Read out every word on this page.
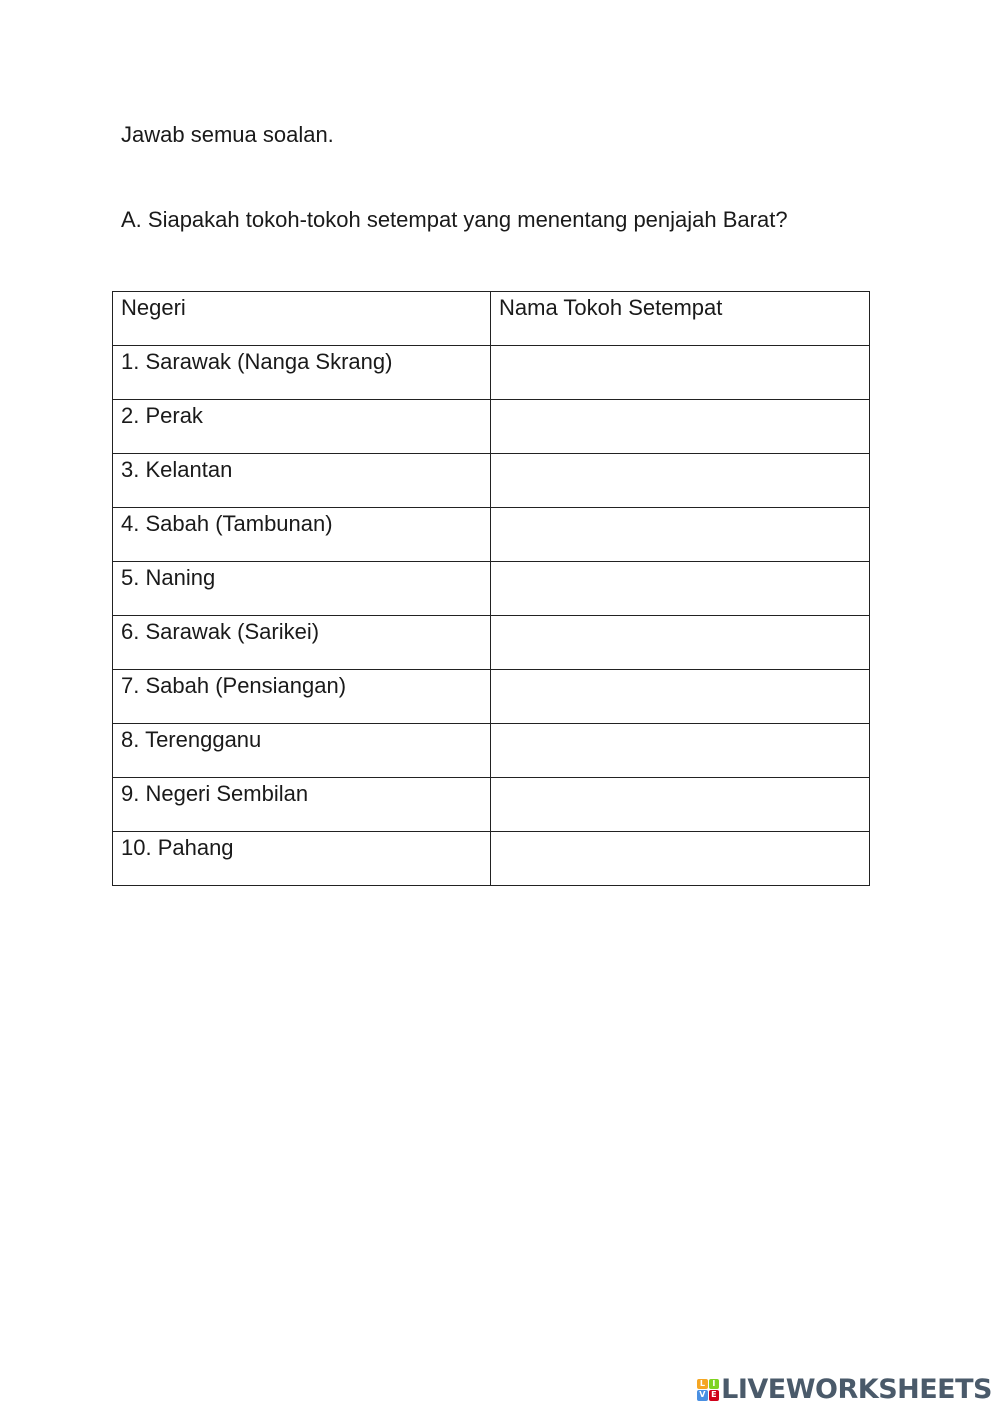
Jawab semua soalan.

A. Siapakah tokoh-tokoh setempat yang menentang penjajah Barat?

Negeri	Nama Tokoh Setempat
1. Sarawak (Nanga Skrang)	
2. Perak	
3. Kelantan	
4. Sabah (Tambunan)	
5. Naning	
6. Sarawak (Sarikei)	
7. Sabah (Pensiangan)	
8. Terengganu	
9. Negeri Sembilan	
10. Pahang	
L I
V E LIVEWORKSHEETS
